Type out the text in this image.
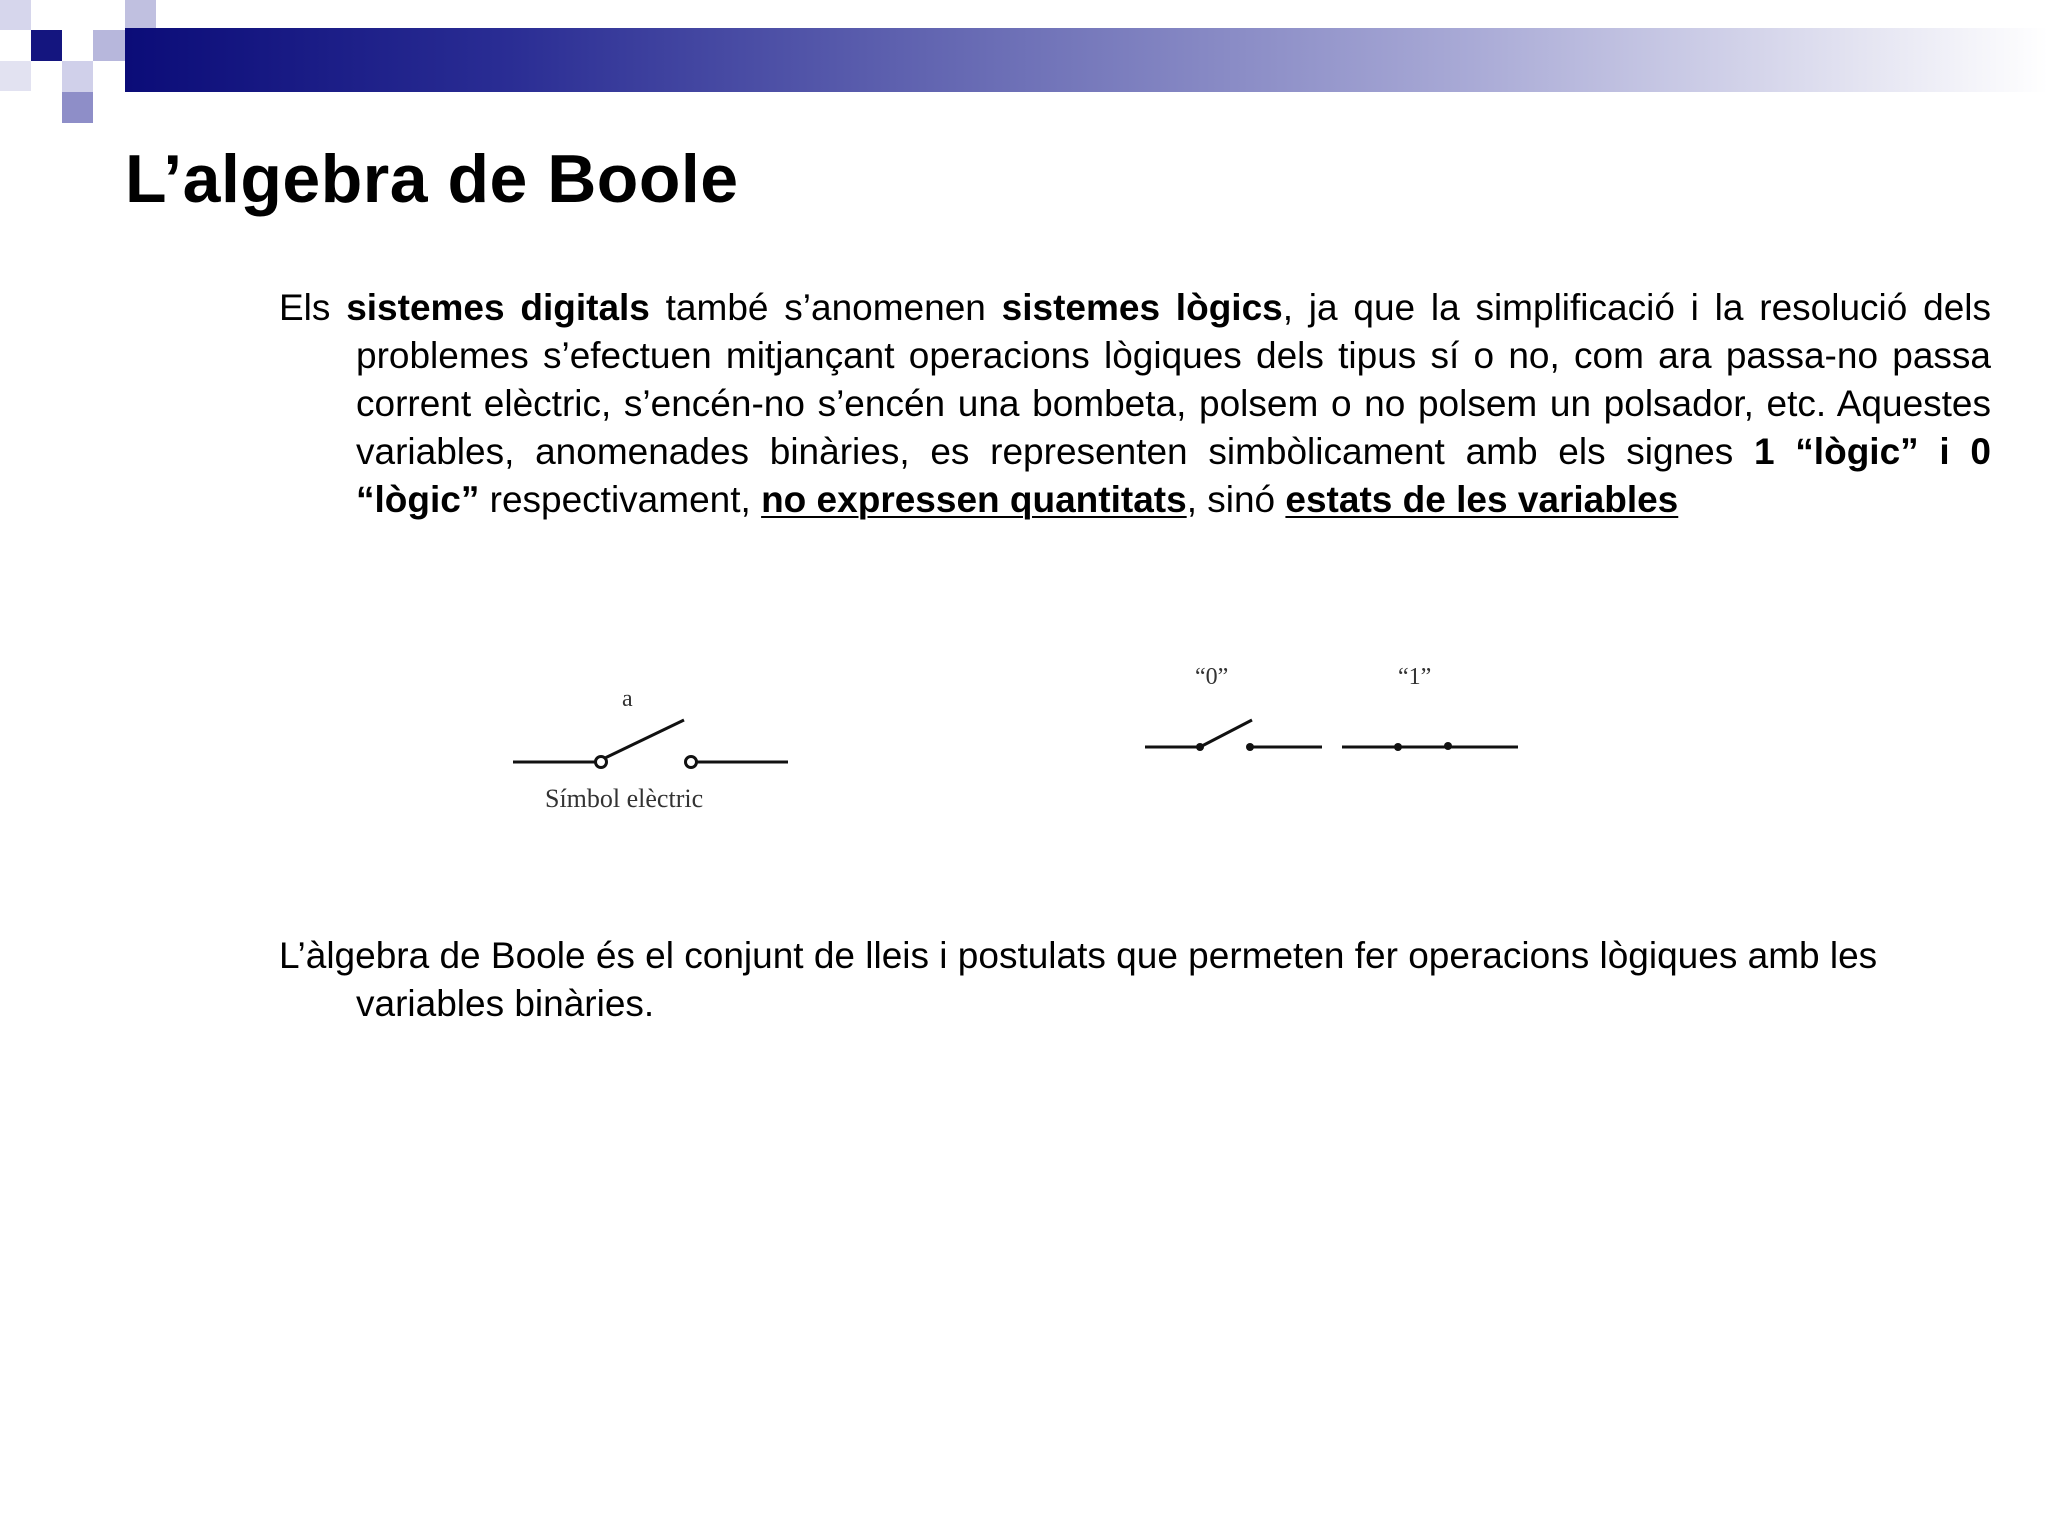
L’algebra de Boole

Els sistemes digitals també s’anomenen sistemes lògics, ja que la simplificació i la resolució dels problemes s’efectuen mitjançant operacions lògiques dels tipus sí o no, com ara passa-no passa corrent elèctric, s’encén-no s’encén una bombeta, polsem o no polsem un polsador, etc. Aquestes variables, anomenades binàries, es representen simbòlicament amb els signes 1 “lògic” i 0 “lògic” respectivament, no expressen quantitats, sinó estats de les variables

a
Símbol elèctric
“0”	“1”

L’àlgebra de Boole és el conjunt de lleis i postulats que permeten fer operacions lògiques amb les variables binàries.
